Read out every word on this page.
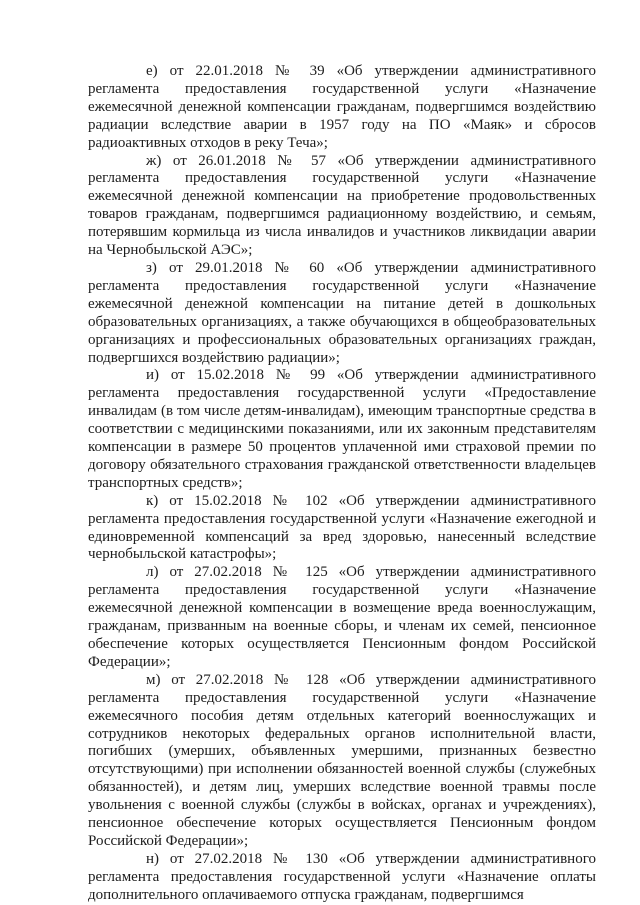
е) от 22.01.2018 № 39 «Об утверждении административного регламента предоставления государственной услуги «Назначение ежемесячной денежной компенсации гражданам, подвергшимся воздействию радиации вследствие аварии в 1957 году на ПО «Маяк» и сбросов радиоактивных отходов в реку Теча»;

ж) от 26.01.2018 № 57 «Об утверждении административного регламента предоставления государственной услуги «Назначение ежемесячной денежной компенсации на приобретение продовольственных товаров гражданам, подвергшимся радиационному воздействию, и семьям, потерявшим кормильца из числа инвалидов и участников ликвидации аварии на Чернобыльской АЭС»;

з) от 29.01.2018 № 60 «Об утверждении административного регламента предоставления государственной услуги «Назначение ежемесячной денежной компенсации на питание детей в дошкольных образовательных организациях, а также обучающихся в общеобразовательных организациях и профессиональных образовательных организациях граждан, подвергшихся воздействию радиации»;

и) от 15.02.2018 № 99 «Об утверждении административного регламента предоставления государственной услуги «Предоставление инвалидам (в том числе детям-инвалидам), имеющим транспортные средства в соответствии с медицинскими показаниями, или их законным представителям компенсации в размере 50 процентов уплаченной ими страховой премии по договору обязательного страхования гражданской ответственности владельцев транспортных средств»;

к) от 15.02.2018 № 102 «Об утверждении административного регламента предоставления государственной услуги «Назначение ежегодной и единовременной компенсаций за вред здоровью, нанесенный вследствие чернобыльской катастрофы»;

л) от 27.02.2018 № 125 «Об утверждении административного регламента предоставления государственной услуги «Назначение ежемесячной денежной компенсации в возмещение вреда военнослужащим, гражданам, призванным на военные сборы, и членам их семей, пенсионное обеспечение которых осуществляется Пенсионным фондом Российской Федерации»;

м) от 27.02.2018 № 128 «Об утверждении административного регламента предоставления государственной услуги «Назначение ежемесячного пособия детям отдельных категорий военнослужащих и сотрудников некоторых федеральных органов исполнительной власти, погибших (умерших, объявленных умершими, признанных безвестно отсутствующими) при исполнении обязанностей военной службы (служебных обязанностей), и детям лиц, умерших вследствие военной травмы после увольнения с военной службы (службы в войсках, органах и учреждениях), пенсионное обеспечение которых осуществляется Пенсионным фондом Российской Федерации»;

н) от 27.02.2018 № 130 «Об утверждении административного регламента предоставления государственной услуги «Назначение оплаты дополнительного оплачиваемого отпуска гражданам, подвергшимся
